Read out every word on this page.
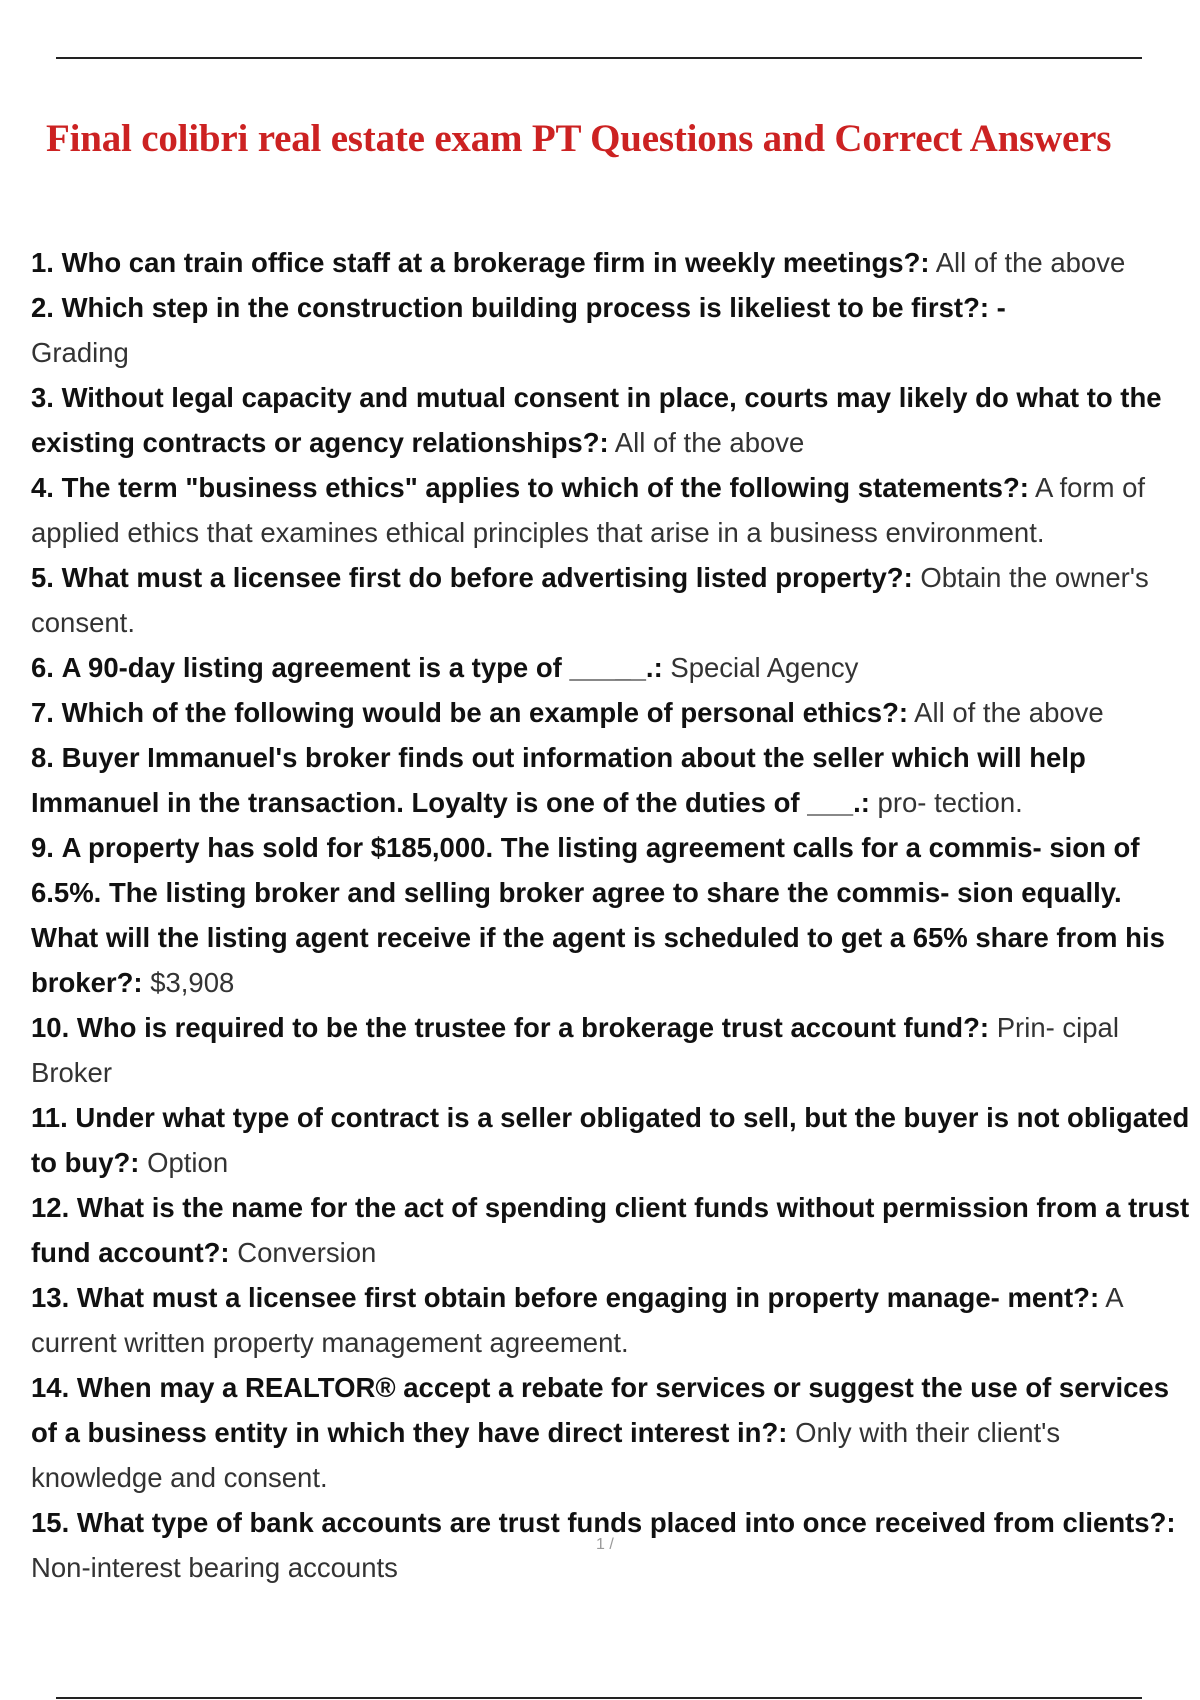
Final colibri real estate exam PT Questions and Correct Answers

1. Who can train office staff at a brokerage firm in weekly meetings?: All of the above

2. Which step in the construction building process is likeliest to be first?: -
Grading

3. Without legal capacity and mutual consent in place, courts may likely do what to the existing contracts or agency relationships?: All of the above

4. The term "business ethics" applies to which of the following statements?: A form of applied ethics that examines ethical principles that arise in a business environment.

5. What must a licensee first do before advertising listed property?: Obtain the owner's consent.

6. A 90-day listing agreement is a type of _____.: Special Agency

7. Which of the following would be an example of personal ethics?: All of the above

8. Buyer Immanuel's broker finds out information about the seller which will help Immanuel in the transaction. Loyalty is one of the duties of ___.: pro- tection.

9. A property has sold for $185,000. The listing agreement calls for a commis- sion of 6.5%. The listing broker and selling broker agree to share the commis- sion equally. What will the listing agent receive if the agent is scheduled to get a 65% share from his broker?: $3,908

10. Who is required to be the trustee for a brokerage trust account fund?: Prin- cipal Broker

11. Under what type of contract is a seller obligated to sell, but the buyer is not obligated to buy?: Option

12. What is the name for the act of spending client funds without permission from a trust fund account?: Conversion

13. What must a licensee first obtain before engaging in property manage- ment?: A current written property management agreement.

14. When may a REALTOR® accept a rebate for services or suggest the use of services of a business entity in which they have direct interest in?: Only with their client's knowledge and consent.

15. What type of bank accounts are trust funds placed into once received from clients?:
Non-interest bearing accounts

1 /
